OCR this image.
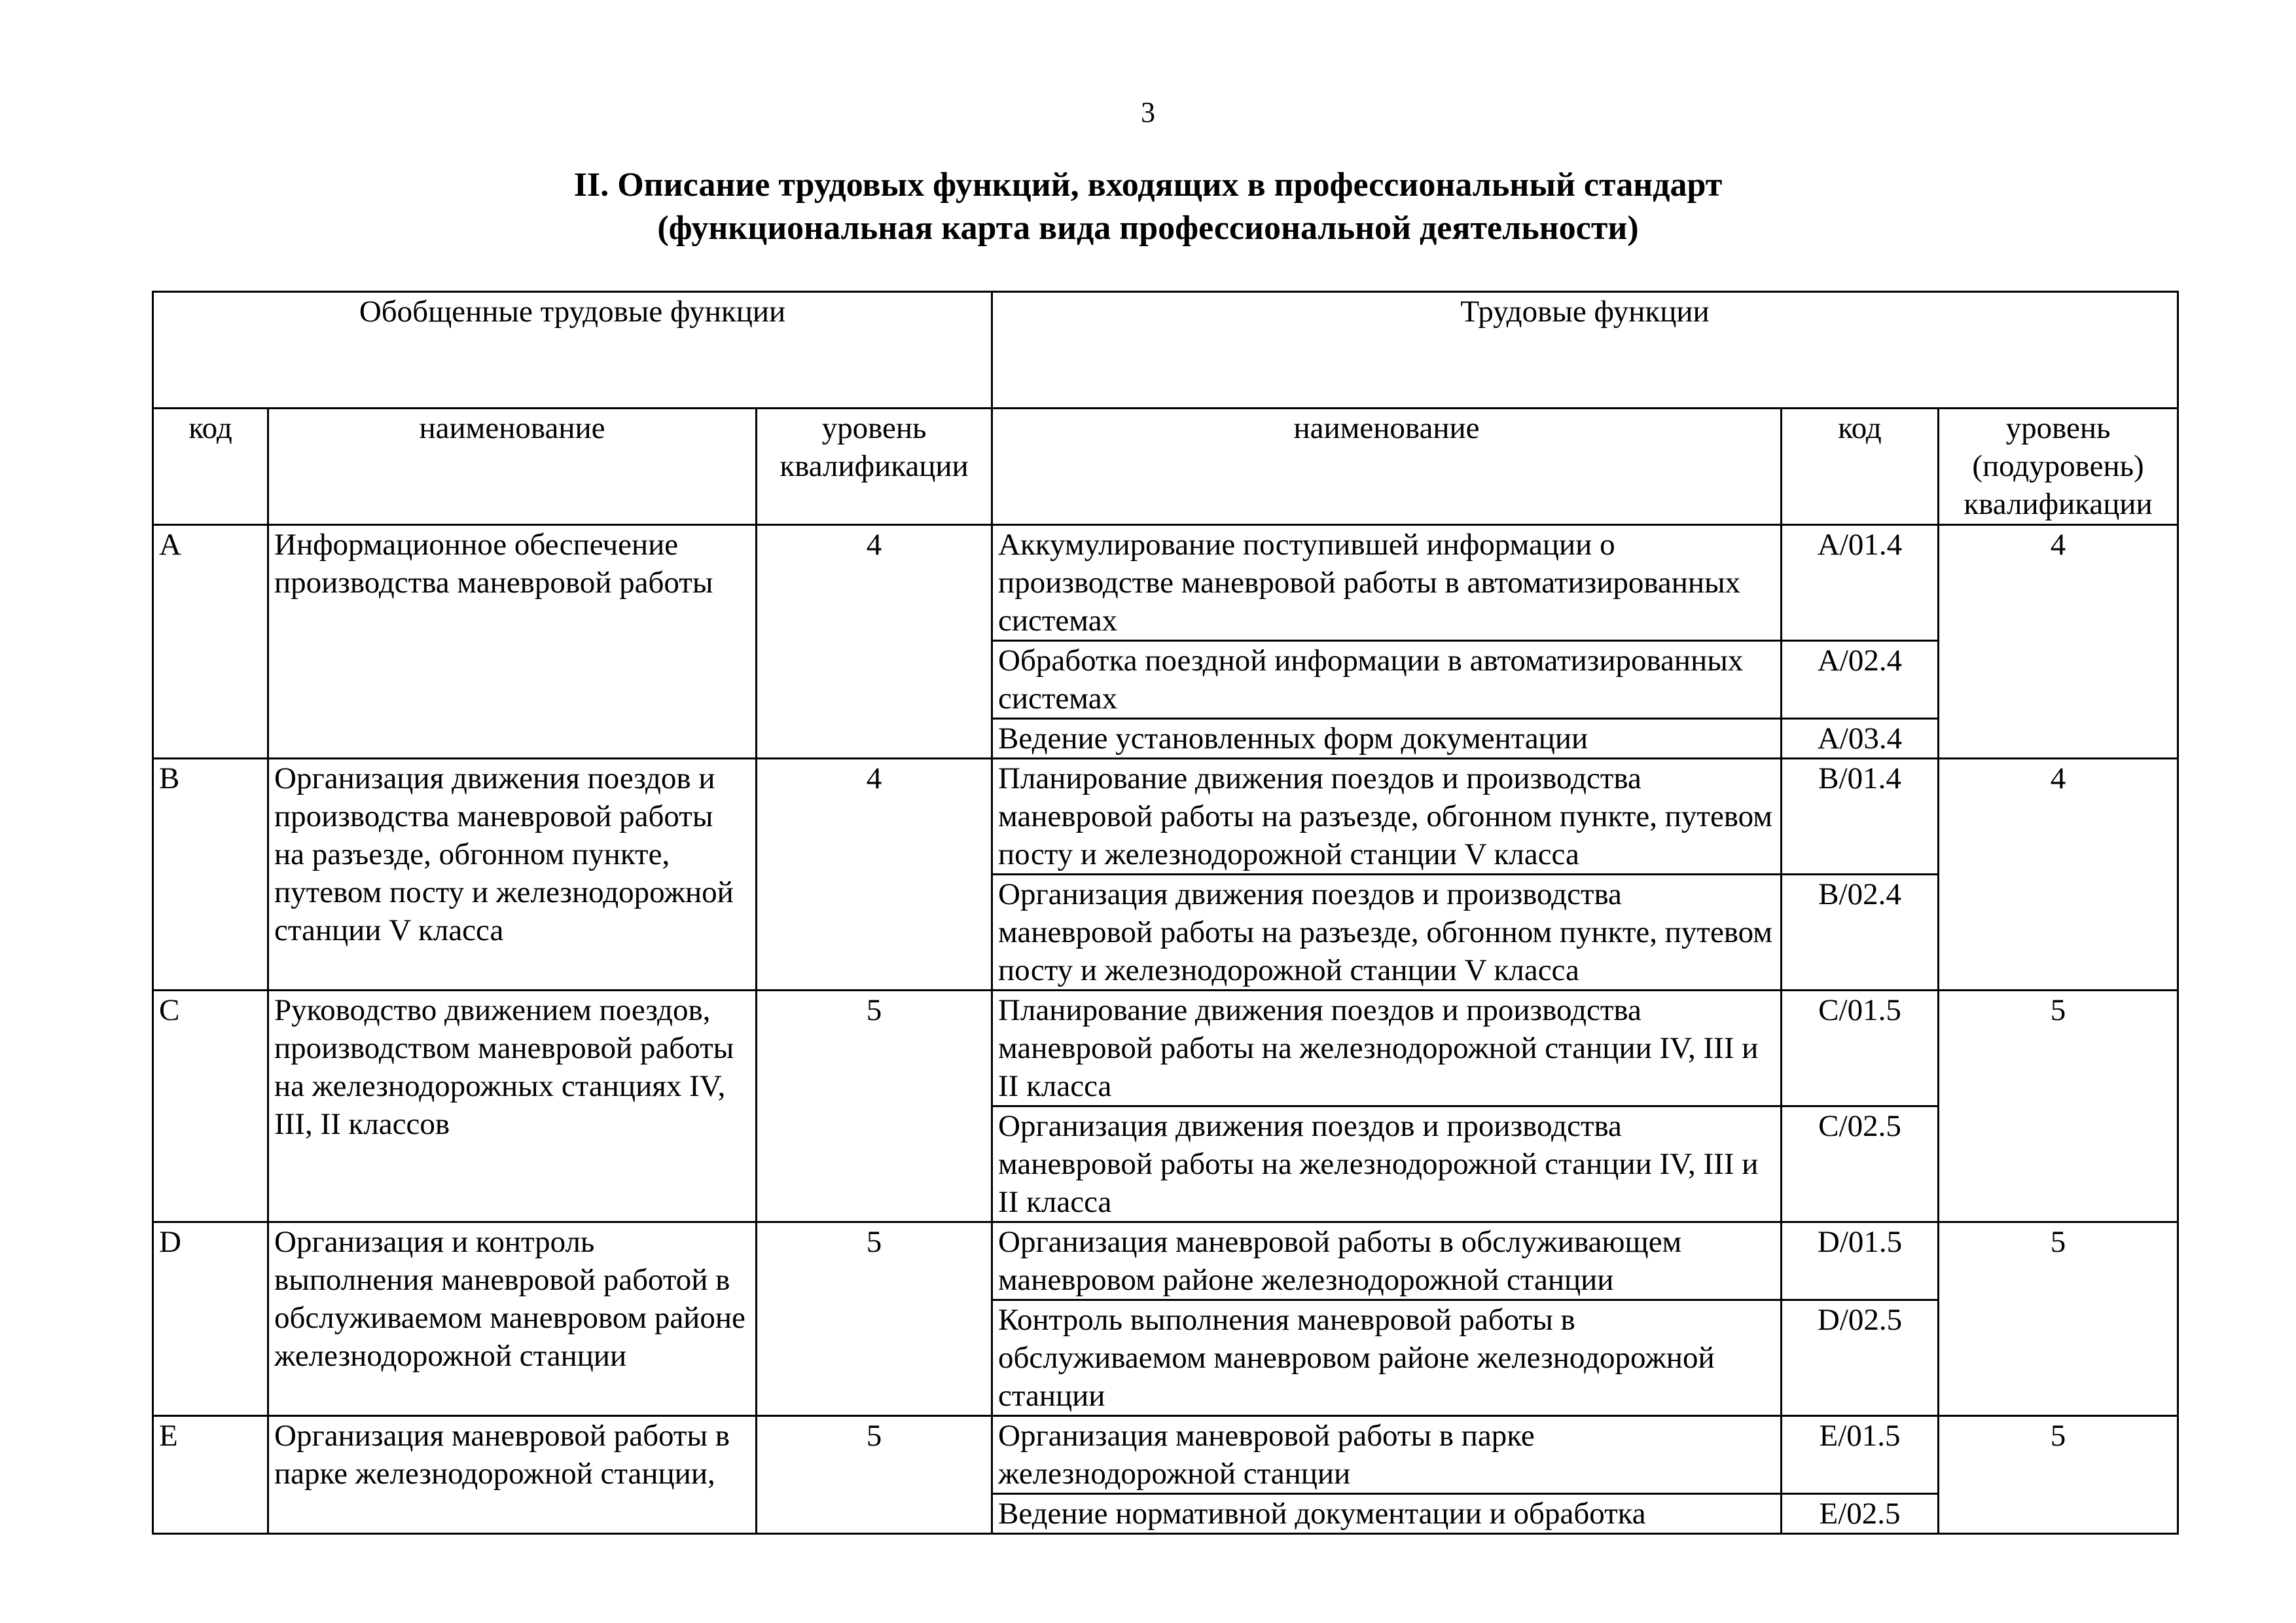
3
II. Описание трудовых функций, входящих в профессиональный стандарт
(функциональная карта вида профессиональной деятельности)
Обобщенные трудовые функции			Трудовые функции		
код	наименование	уровень квалификации	наименование	код	уровень (подуровень) квалификации
A	Информационное обеспечение производства маневровой работы	4	Аккумулирование поступившей информации о производстве маневровой работы в автоматизированных системах	A/01.4	4
			Обработка поездной информации в автоматизированных системах	A/02.4	
			Ведение установленных форм документации	A/03.4	
B	Организация движения поездов и производства маневровой работы на разъезде, обгонном пункте, путевом посту и железнодорожной станции V класса	4	Планирование движения поездов и производства маневровой работы на разъезде, обгонном пункте, путевом посту и железнодорожной станции V класса	B/01.4	4
			Организация движения поездов и производства маневровой работы на разъезде, обгонном пункте, путевом посту и железнодорожной станции V класса	B/02.4	
C	Руководство движением поездов, производством маневровой работы на железнодорожных станциях IV, III, II классов	5	Планирование движения поездов и производства маневровой работы на железнодорожной станции IV, III и II класса	C/01.5	5
			Организация движения поездов и производства маневровой работы на железнодорожной станции IV, III и II класса	C/02.5	
D	Организация и контроль выполнения маневровой работой в обслуживаемом маневровом районе железнодорожной станции	5	Организация маневровой работы в обслуживающем маневровом районе железнодорожной станции	D/01.5	5
			Контроль выполнения маневровой работы в обслуживаемом маневровом районе железнодорожной станции	D/02.5	
E	Организация маневровой работы в парке железнодорожной станции,	5	Организация маневровой работы в парке железнодорожной станции	E/01.5	5
			Ведение нормативной документации и обработка	E/02.5	
